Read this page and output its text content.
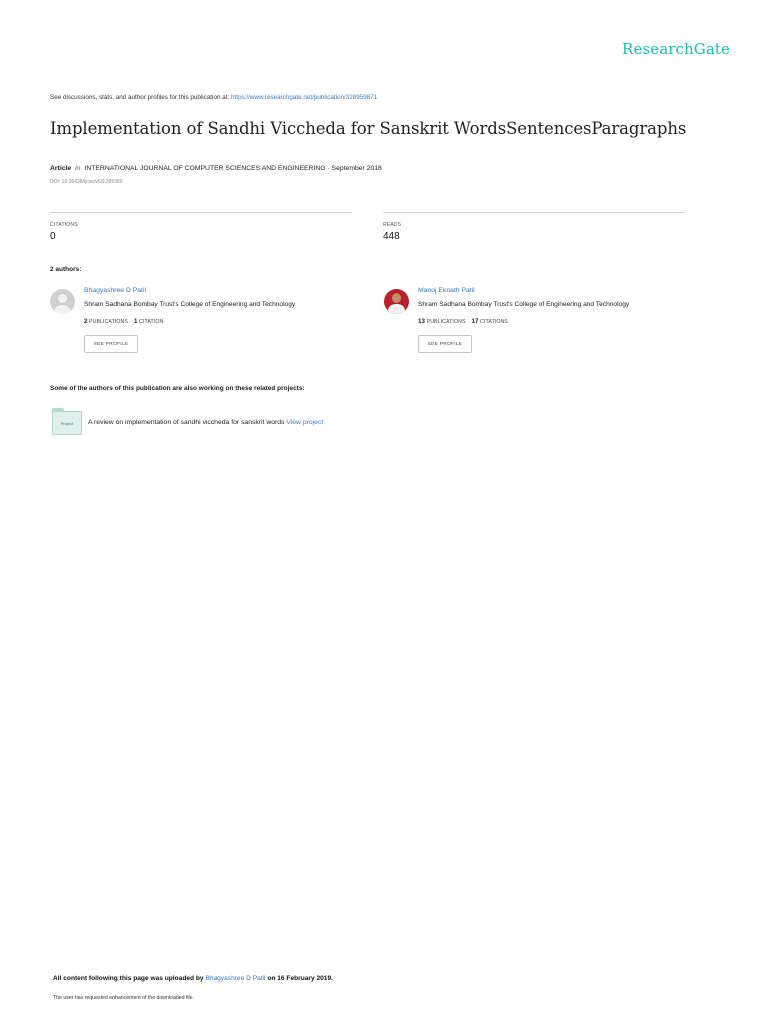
ResearchGate
See discussions, stats, and author profiles for this publication at: https://www.researchgate.net/publication/328959871
Implementation of Sandhi Viccheda for Sanskrit WordsSentencesParagraphs
Article in INTERNATIONAL JOURNAL OF COMPUTER SCIENCES AND ENGINEERING · September 2018
DOI: 10.26438/ijcse/v6i9.355360
CITATIONS
0
READS
448
2 authors:
Bhagyashree D Patil
Shram Sadhana Bombay Trust's College of Engineering and Technology
2 PUBLICATIONS 1 CITATION
SEE PROFILE
Manoj Eknath Patil
Shram Sadhana Bombay Trust's College of Engineering and Technology
13 PUBLICATIONS 17 CITATIONS
SEE PROFILE
Some of the authors of this publication are also working on these related projects:
Project	A review on implementation of sandhi viccheda for sanskrit words View project
All content following this page was uploaded by Bhagyashree D Patil on 16 February 2019.
The user has requested enhancement of the downloaded file.
